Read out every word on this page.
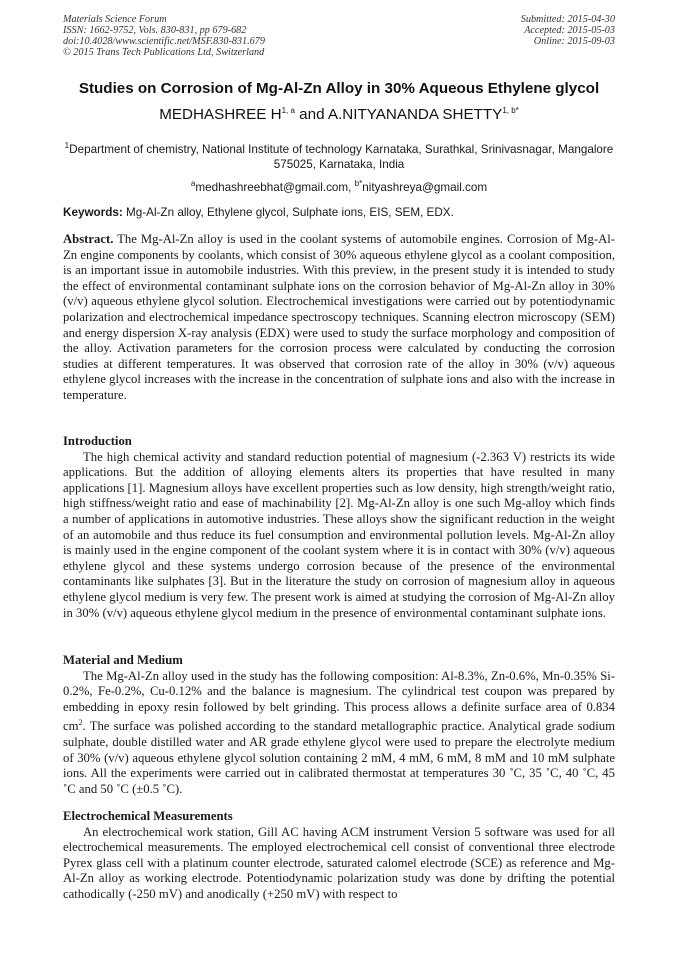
Materials Science Forum
ISSN: 1662-9752, Vols. 830-831, pp 679-682
doi:10.4028/www.scientific.net/MSF.830-831.679
© 2015 Trans Tech Publications Ltd, Switzerland
Submitted: 2015-04-30
Accepted: 2015-05-03
Online: 2015-09-03
Studies on Corrosion of Mg-Al-Zn Alloy in 30% Aqueous Ethylene glycol
MEDHASHREE H$^{1, a}$ and A.NITYANANDA $SHETTY^{1, b*}$
$^1$Department of chemistry, National Institute of technology Karnataka, Surathkal, Srinivasnagar, Mangalore 575025, Karnataka, India
$^a$medhashreebhat@gmail.com, $^{b*}$nityashreya@gmail.com
Keywords: Mg-Al-Zn alloy, Ethylene glycol, Sulphate ions, EIS, SEM, EDX.
Abstract. The Mg-Al-Zn alloy is used in the coolant systems of automobile engines. Corrosion of Mg-Al-Zn engine components by coolants, which consist of 30% aqueous ethylene glycol as a coolant composition, is an important issue in automobile industries. With this preview, in the present study it is intended to study the effect of environmental contaminant sulphate ions on the corrosion behavior of Mg-Al-Zn alloy in 30% (v/v) aqueous ethylene glycol solution. Electrochemical investigations were carried out by potentiodynamic polarization and electrochemical impedance spectroscopy techniques. Scanning electron microscopy (SEM) and energy dispersion X-ray analysis (EDX) were used to study the surface morphology and composition of the alloy. Activation parameters for the corrosion process were calculated by conducting the corrosion studies at different temperatures. It was observed that corrosion rate of the alloy in 30% (v/v) aqueous ethylene glycol increases with the increase in the concentration of sulphate ions and also with the increase in temperature.
Introduction

The high chemical activity and standard reduction potential of magnesium (-2.363 V) restricts its wide applications. But the addition of alloying elements alters its properties that have resulted in many applications [1]. Magnesium alloys have excellent properties such as low density, high strength/weight ratio, high stiffness/weight ratio and ease of machinability [2]. Mg-Al-Zn alloy is one such Mg-alloy which finds a number of applications in automotive industries. These alloys show the significant reduction in the weight of an automobile and thus reduce its fuel consumption and environmental pollution levels. Mg-Al-Zn alloy is mainly used in the engine component of the coolant system where it is in contact with 30% (v/v) aqueous ethylene glycol and these systems undergo corrosion because of the presence of the environmental contaminants like sulphates [3]. But in the literature the study on corrosion of magnesium alloy in aqueous ethylene glycol medium is very few. The present work is aimed at studying the corrosion of Mg-Al-Zn alloy in 30% (v/v) aqueous ethylene glycol medium in the presence of environmental contaminant sulphate ions.

Material and Medium

The Mg-Al-Zn alloy used in the study has the following composition: Al-8.3%, Zn-0.6%, Mn-0.35% Si-0.2%, Fe-0.2%, Cu-0.12% and the balance is magnesium. The cylindrical test coupon was prepared by embedding in epoxy resin followed by belt grinding. This process allows a definite surface area of 0.834 $cm^2$. The surface was polished according to the standard metallographic practice. Analytical grade sodium sulphate, double distilled water and AR grade ethylene glycol were used to prepare the electrolyte medium of 30% (v/v) aqueous ethylene glycol solution containing 2 mM, 4 mM, 6 mM, 8 mM and 10 mM sulphate ions. All the experiments were carried out in calibrated thermostat at temperatures 30 ˚C, 35 ˚C, 40 ˚C, 45 ˚C and 50 ˚C (±0.5 ˚C).

Electrochemical Measurements

An electrochemical work station, Gill AC having ACM instrument Version 5 software was used for all electrochemical measurements. The employed electrochemical cell consist of conventional three electrode Pyrex glass cell with a platinum counter electrode, saturated calomel electrode (SCE) as reference and Mg-Al-Zn alloy as working electrode. Potentiodynamic polarization study was done by drifting the potential cathodically (-250 mV) and anodically (+250 mV) with respect to
